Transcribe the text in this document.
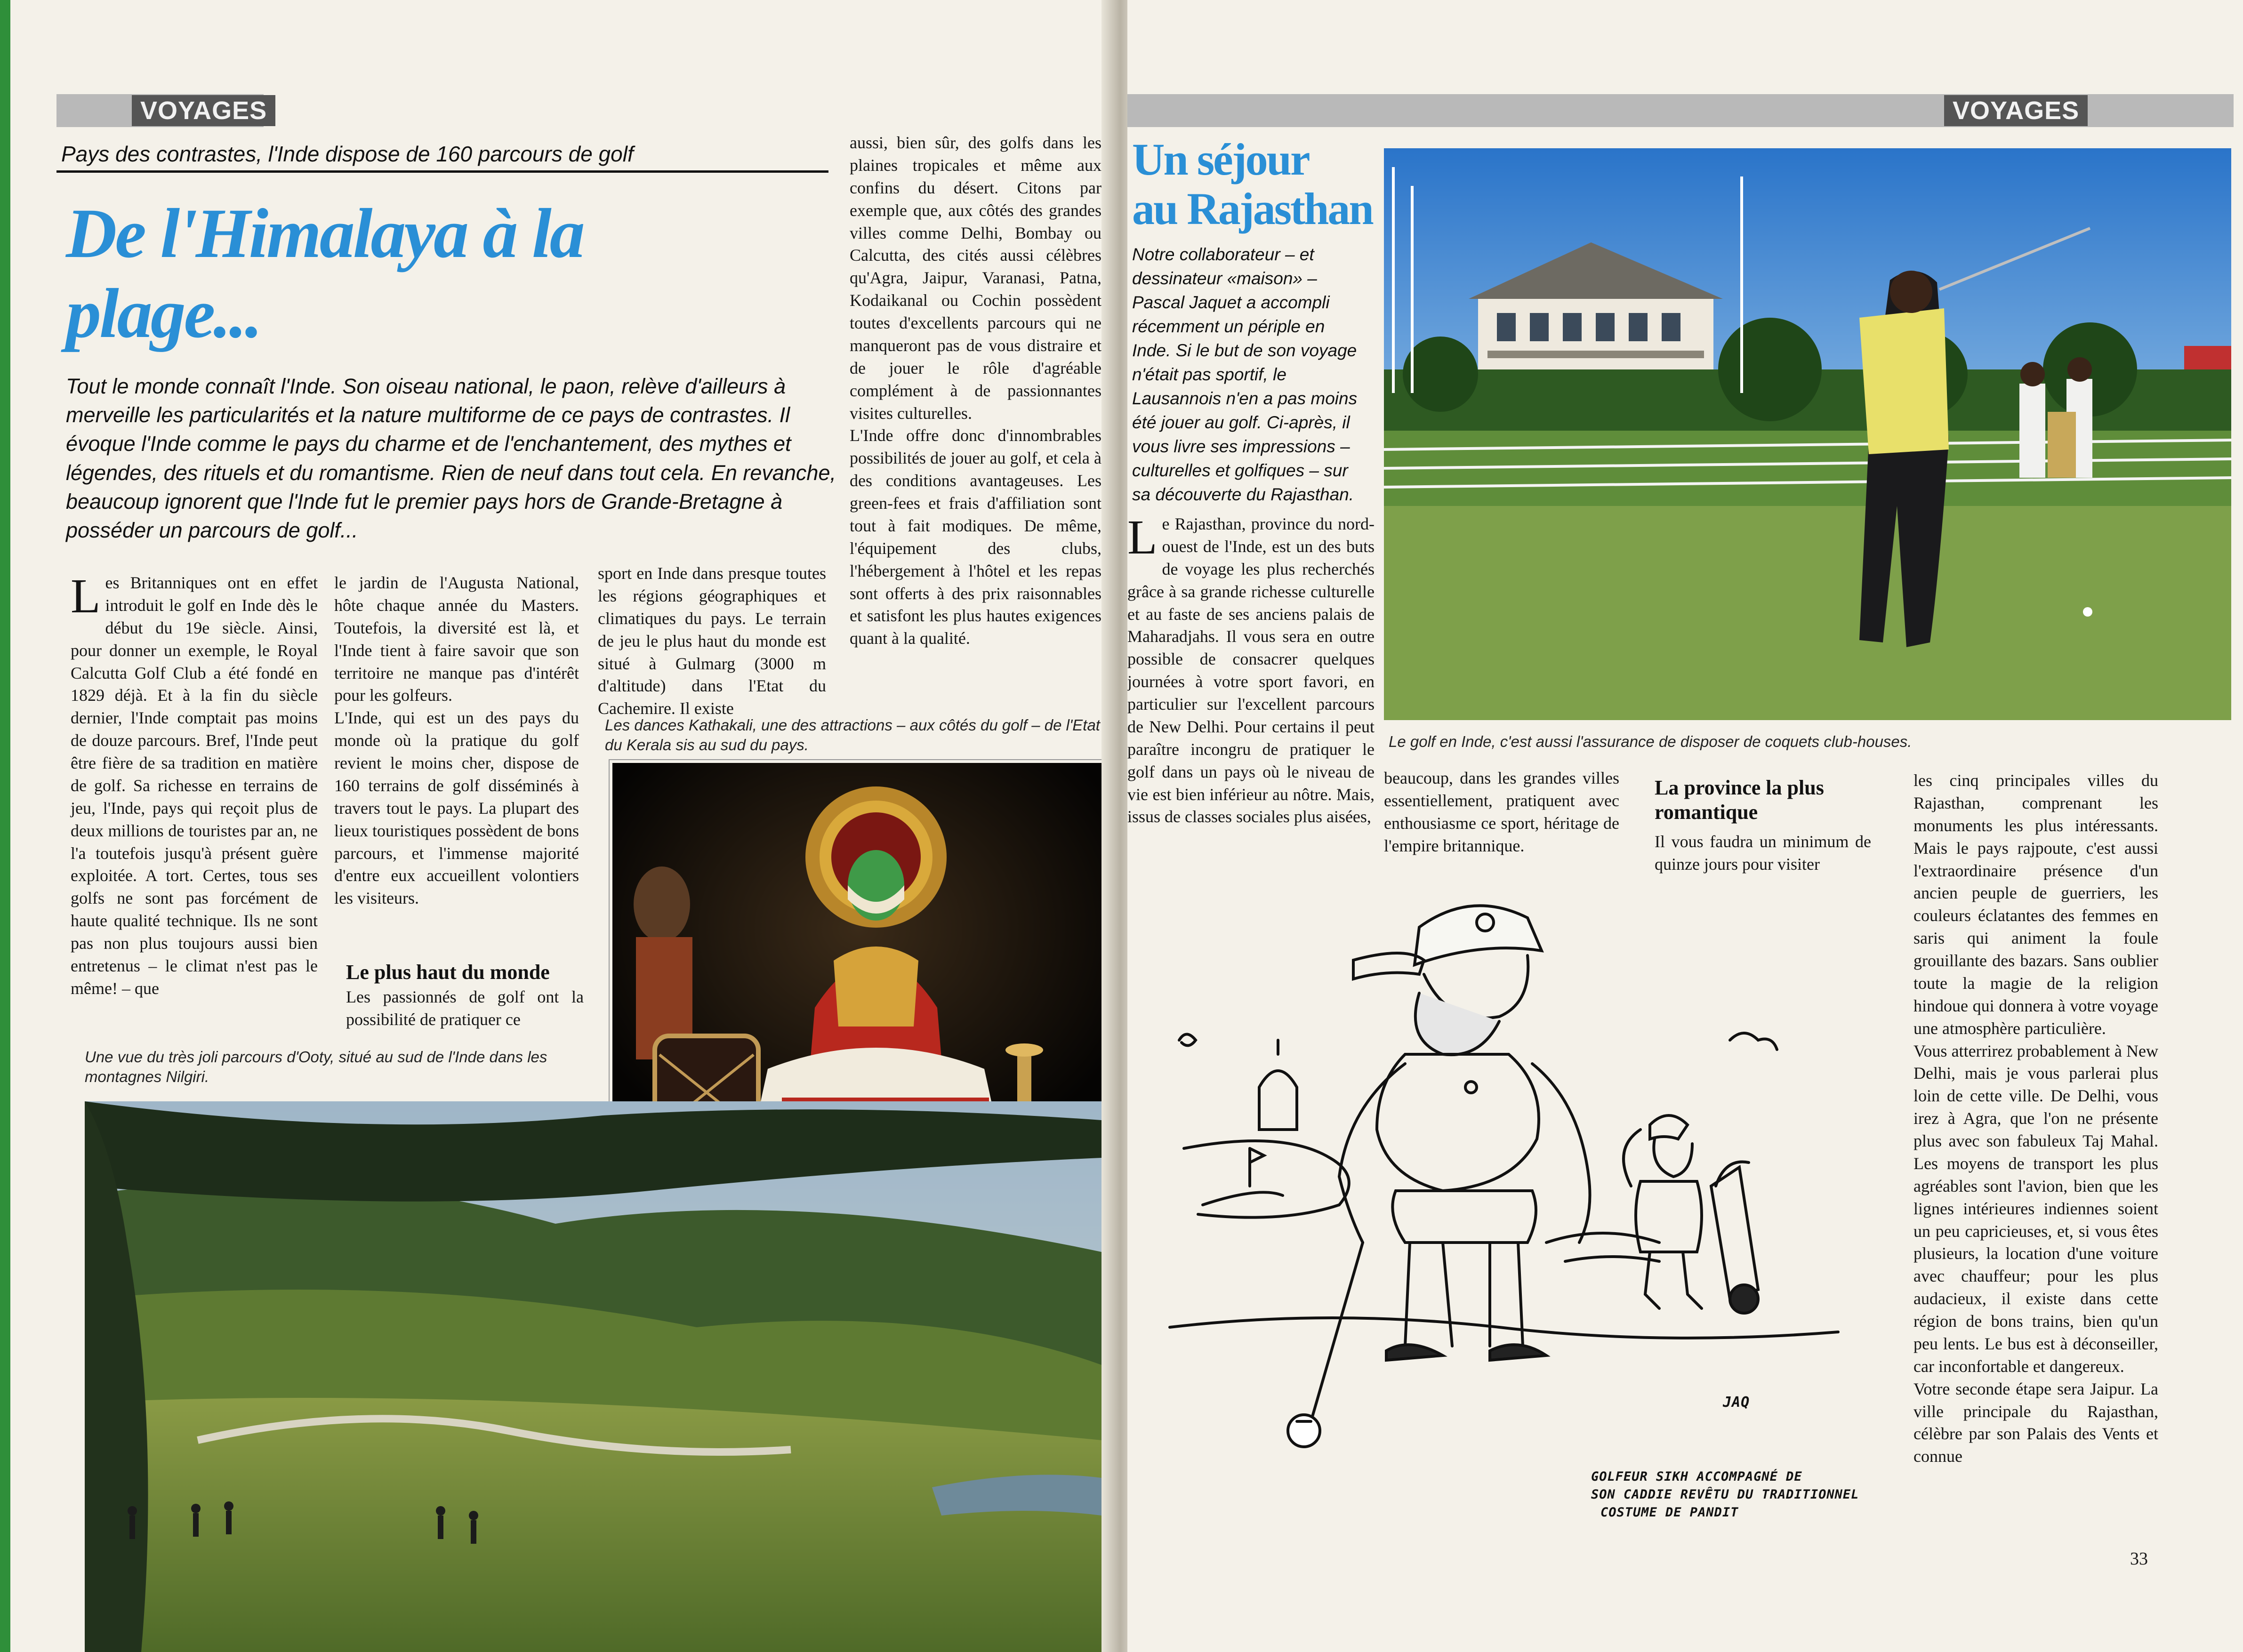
VOYAGES
Pays des contrastes, l'Inde dispose de 160 parcours de golf
De l'Himalaya à la
plage...
Tout le monde connaît l'Inde. Son oiseau national, le paon, relève d'ailleurs à merveille les particularités et la nature multiforme de ce pays de contrastes. Il évoque l'Inde comme le pays du charme et de l'enchantement, des mythes et légendes, des rituels et du romantisme. Rien de neuf dans tout cela. En revanche, beaucoup ignorent que l'Inde fut le premier pays hors de Grande-Bretagne à posséder un parcours de golf...

Les Britanniques ont en effet introduit le golf en Inde dès le début du 19e siècle. Ainsi, pour donner un exemple, le Royal Calcutta Golf Club a été fondé en 1829 déjà. Et à la fin du siècle dernier, l'Inde comptait pas moins de douze parcours. Bref, l'Inde peut être fière de sa tradition en matière de golf. Sa richesse en terrains de jeu, l'Inde, pays qui reçoit plus de deux millions de touristes par an, ne l'a toutefois jusqu'à présent guère exploitée. A tort. Certes, tous ses golfs ne sont pas forcément de haute qualité technique. Ils ne sont pas non plus toujours aussi bien entretenus – le climat n'est pas le même! – que

le jardin de l'Augusta National, hôte chaque année du Masters. Toutefois, la diversité est là, et l'Inde tient à faire savoir que son territoire ne manque pas d'intérêt pour les golfeurs.

L'Inde, qui est un des pays du monde où la pratique du golf revient le moins cher, dispose de 160 terrains de golf disséminés à travers tout le pays. La plupart des lieux touristiques possèdent de bons parcours, et l'immense majorité d'entre eux accueillent volontiers les visiteurs.

Le plus haut du monde
Les passionnés de golf ont la possibilité de pratiquer ce
sport en Inde dans presque toutes les régions géographiques et climatiques du pays. Le terrain de jeu le plus haut du monde est situé à Gulmarg (3000 m d'altitude) dans l'Etat du Cachemire. Il existe

aussi, bien sûr, des golfs dans les plaines tropicales et même aux confins du désert. Citons par exemple que, aux côtés des grandes villes comme Delhi, Bombay ou Calcutta, des cités aussi célèbres qu'Agra, Jaipur, Varanasi, Patna, Kodaikanal ou Cochin possèdent toutes d'excellents parcours qui ne manqueront pas de vous distraire et de jouer le rôle d'agréable complément à de passionnantes visites culturelles.

L'Inde offre donc d'innombrables possibilités de jouer au golf, et cela à des conditions avantageuses. Les green-fees et frais d'affiliation sont tout à fait modiques. De même, l'équipement des clubs, l'hébergement à l'hôtel et les repas sont offerts à des prix raisonnables et satisfont les plus hautes exigences quant à la qualité.

Les dances Kathakali, une des attractions – aux côtés du golf – de l'Etat du Kerala sis au sud du pays.
Une vue du très joli parcours d'Ooty, situé au sud de l'Inde dans les montagnes Nilgiri.
VOYAGES
Un séjour
au Rajasthan
Notre collaborateur – et dessinateur «maison» – Pascal Jaquet a accompli récemment un périple en Inde. Si le but de son voyage n'était pas sportif, le Lausannois n'en a pas moins été jouer au golf. Ci-après, il vous livre ses impressions – culturelles et golfiques – sur sa découverte du Rajasthan.
Le golf en Inde, c'est aussi l'assurance de disposer de coquets club-houses.

Le Rajasthan, province du nord-ouest de l'Inde, est un des buts de voyage les plus recherchés grâce à sa grande richesse culturelle et au faste de ses anciens palais de Maharadjahs. Il vous sera en outre possible de consacrer quelques journées à votre sport favori, en particulier sur l'excellent parcours de New Delhi. Pour certains il peut paraître incongru de pratiquer le golf dans un pays où le niveau de vie est bien inférieur au nôtre. Mais, issus de classes sociales plus aisées,

beaucoup, dans les grandes villes essentiellement, pratiquent avec enthousiasme ce sport, héritage de l'empire britannique.
La province la plus romantique
Il vous faudra un minimum de quinze jours pour visiter

les cinq principales villes du Rajasthan, comprenant les monuments les plus intéressants. Mais le pays rajpoute, c'est aussi l'extraordinaire présence d'un ancien peuple de guerriers, les couleurs éclatantes des femmes en saris qui animent la foule grouillante des bazars. Sans oublier toute la magie de la religion hindoue qui donnera à votre voyage une atmosphère particulière.

Vous atterrirez probablement à New Delhi, mais je vous parlerai plus loin de cette ville. De Delhi, vous irez à Agra, que l'on ne présente plus avec son fabuleux Taj Mahal. Les moyens de transport les plus agréables sont l'avion, bien que les lignes intérieures indiennes soient un peu capricieuses, et, si vous êtes plusieurs, la location d'une voiture avec chauffeur; pour les plus audacieux, il existe dans cette région de bons trains, bien qu'un peu lents. Le bus est à déconseiller, car inconfortable et dangereux.

Votre seconde étape sera Jaipur. La ville principale du Rajasthan, célèbre par son Palais des Vents et connue

JAQ
GOLFEUR SIKH ACCOMPAGNÉ DE
SON CADDIE REVÊTU DU TRADITIONNEL
COSTUME DE PANDIT
33
